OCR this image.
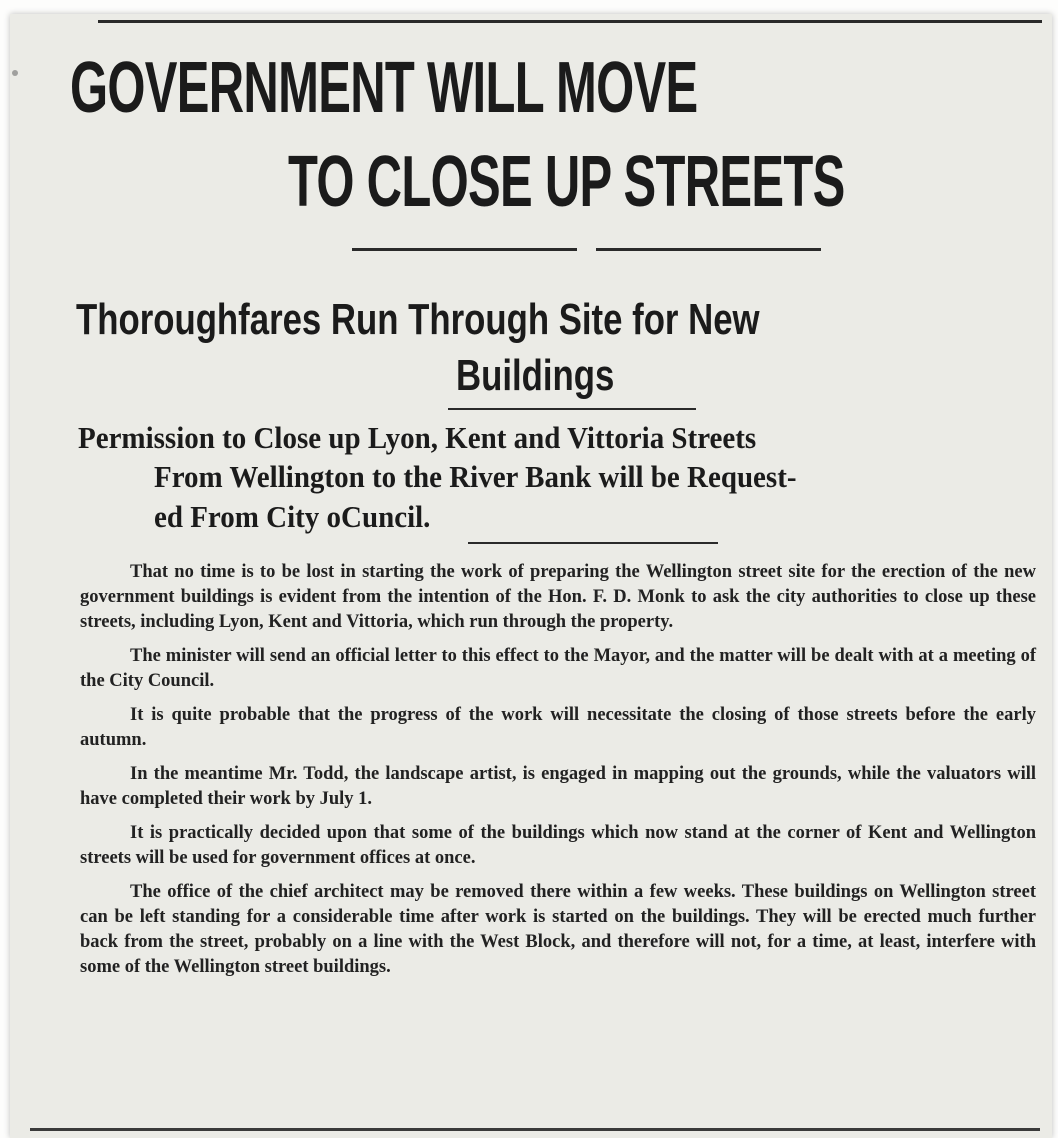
GOVERNMENT WILL MOVE
TO CLOSE UP STREETS
Thoroughfares Run Through Site for New
Buildings
Permission to Close up Lyon, Kent and Vittoria Streets
From Wellington to the River Bank will be Request-
ed From City oCuncil.

That no time is to be lost in starting the work of preparing the Wellington street site for the erection of the new government buildings is evident from the intention of the Hon. F. D. Monk to ask the city authorities to close up these streets, including Lyon, Kent and Vittoria, which run through the property.

The minister will send an official letter to this effect to the Mayor, and the matter will be dealt with at a meeting of the City Council.

It is quite probable that the progress of the work will necessitate the closing of those streets before the early autumn.

In the meantime Mr. Todd, the landscape artist, is engaged in mapping out the grounds, while the valuators will have completed their work by July 1.

It is practically decided upon that some of the buildings which now stand at the corner of Kent and Wellington streets will be used for government offices at once.

The office of the chief architect may be removed there within a few weeks. These buildings on Wellington street can be left standing for a considerable time after work is started on the buildings. They will be erected much further back from the street, probably on a line with the West Block, and therefore will not, for a time, at least, interfere with some of the Wellington street buildings.
